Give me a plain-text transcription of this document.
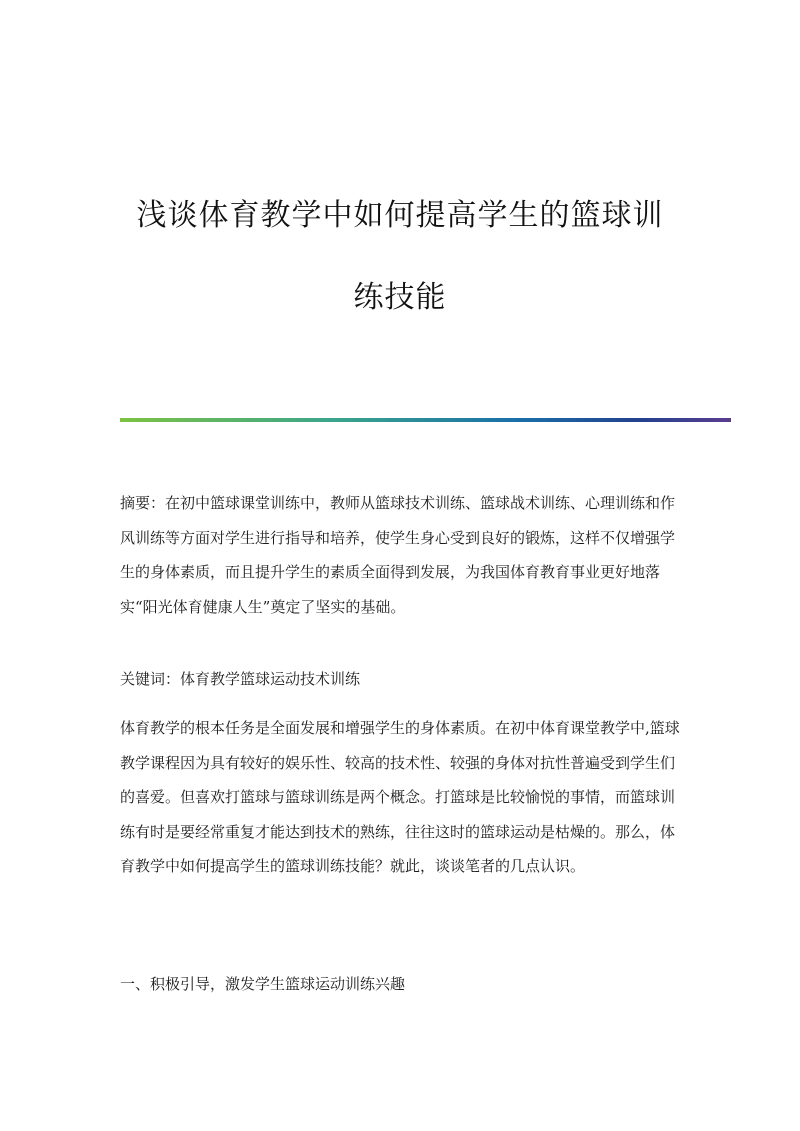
浅谈体育教学中如何提高学生的篮球训
练技能

摘要：在初中篮球课堂训练中，教师从篮球技术训练、篮球战术训练、心理训练和作风训练等方面对学生进行指导和培养，使学生身心受到良好的锻炼，这样不仅增强学生的身体素质，而且提升学生的素质全面得到发展，为我国体育教育事业更好地落实“阳光体育健康人生”奠定了坚实的基础。

关键词：体育教学篮球运动技术训练

体育教学的根本任务是全面发展和增强学生的身体素质。在初中体育课堂教学中,篮球教学课程因为具有较好的娱乐性、较高的技术性、较强的身体对抗性普遍受到学生们的喜爱。但喜欢打篮球与篮球训练是两个概念。打篮球是比较愉悦的事情，而篮球训练有时是要经常重复才能达到技术的熟练，往往这时的篮球运动是枯燥的。那么，体育教学中如何提高学生的篮球训练技能？就此，谈谈笔者的几点认识。

一、积极引导，激发学生篮球运动训练兴趣
